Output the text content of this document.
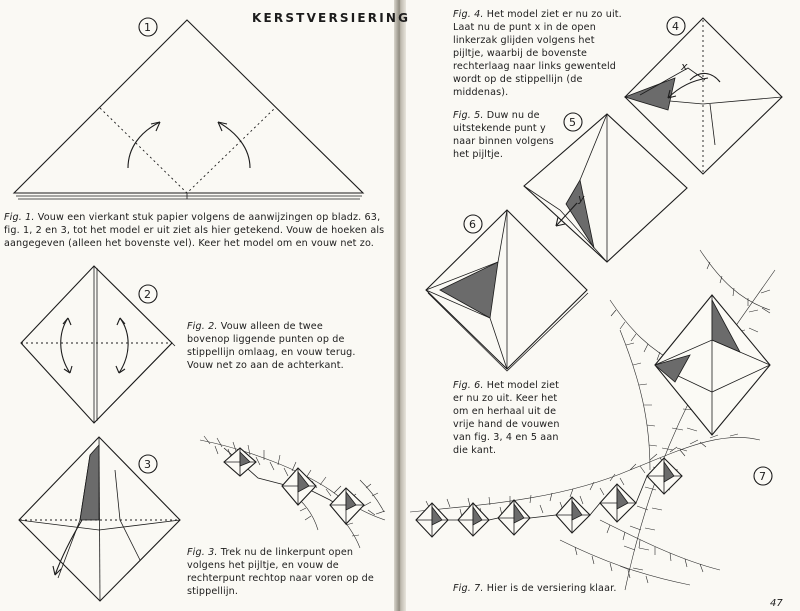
KERSTVERSIERING
x
y
1
2
3
4
5
6
7

Fig. 1. Vouw een vierkant stuk papier volgens de aanwijzingen op bladz. 63, fig. 1, 2 en 3, tot het model er uit ziet als hier getekend. Vouw de hoeken als aangegeven (alleen het bovenste vel). Keer het model om en vouw net zo.

Fig. 2. Vouw alleen de twee bovenop liggende punten op de stippellijn omlaag, en vouw terug. Vouw net zo aan de achterkant.

Fig. 3. Trek nu de linkerpunt open volgens het pijltje, en vouw de rechterpunt rechtop naar voren op de stippellijn.

Fig. 4. Het model ziet er nu zo uit. Laat nu de punt x in de open linkerzak glijden volgens het pijltje, waarbij de bovenste rechterlaag naar links gewenteld wordt op de stippellijn (de middenas).

Fig. 5. Duw nu de uitstekende punt y naar binnen volgens het pijltje.

Fig. 6. Het model ziet er nu zo uit. Keer het om en herhaal uit de vrije hand de vouwen van fig. 3, 4 en 5 aan die kant.

Fig. 7. Hier is de versiering klaar.

47
